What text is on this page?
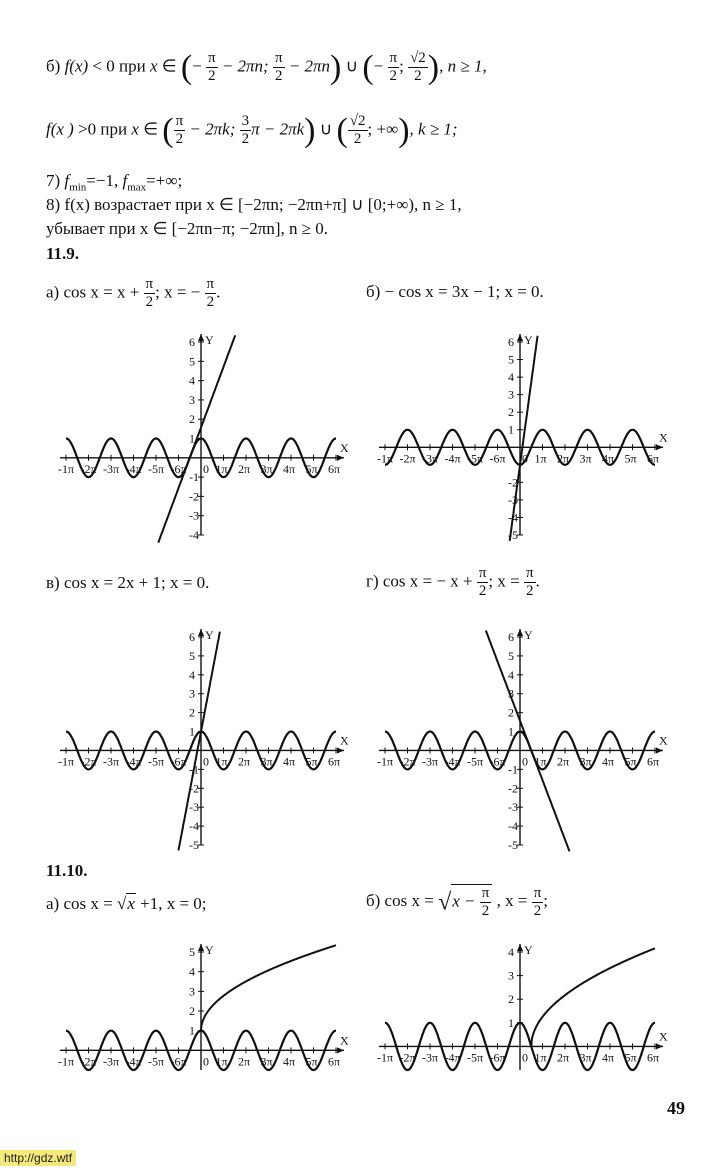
б) f(x) < 0 при x ∈ (− $\frac{\pi}{2} - 2\pi n$; $\frac{\pi}{2} - 2\pi n$) ∪ (− $\frac{\pi}{2}$ ; $\frac{√2}{2}$ ), n ≥ 1,
f(x ) >0 при x ∈ ( $\frac{\pi}{2} - 2\pi k$; $\frac{3}{2}$ π − 2πk) ∪ ( $\frac{√2}{2}$ ; +∞), k ≥ 1;
7) $f_{min}=-1$, $f_{max}=+\infty$;
8) f(x) возрастает при x ∈ [−2πn; −2πn+π] ∪ [0;+∞), n ≥ 1,
убывает при x ∈ [−2πn−π; −2πn], n ≥ 0.
11.9.
а) $\cos x = x + \frac{\pi}{2}$ ; x = − $\frac{\pi}{2}$ .	б) − cos x = 3x − 1; x = 0.
в) cos x = 2x + 1; x = 0.	г) cos x = − $x + \frac{\pi}{2}$ ; $x = \frac{\pi}{2}$ .
11.10.
а) cos x = √x +1, x = 0;	б) $\cos x = √x - \frac{\pi}{2}$ , $x = \frac{\pi}{2}$ ;
X
Y
0 1π
-6π	2π
-5π	3π
-4π	4π
-3π	5π
-2π	6π
-1π
6
5
4
3
2
1
-1
-2
-3
-4
X
Y
0 1π
-6π	2π
-5π	3π
-4π	4π
-3π	5π
-2π	6π
-1π
6
5
4
3
2
1
-2
-3
-4
-5
X
Y
0 1π
-6π	2π
-5π	3π
-4π	4π
-3π	5π
-2π	6π
-1π
6
5
4
3
2
1
-1
-2
-3
-4
-5
X
Y
0 1π
-6π	2π
-5π	3π
-4π	4π
-3π	5π
-2π	6π
-1π
6
5
4
3
2
1
-1
-2
-3
-4
-5
X
Y
0 1π
-6π	2π
-5π	3π
-4π	4π
-3π	5π
-2π	6π
-1π
5
4
3
2
1	X
Y
0 1π
-6π	2π
-5π	3π
-4π	4π
-3π	5π
-2π	6π
-1π
4
3
2
1
49
http://gdz.wtf
